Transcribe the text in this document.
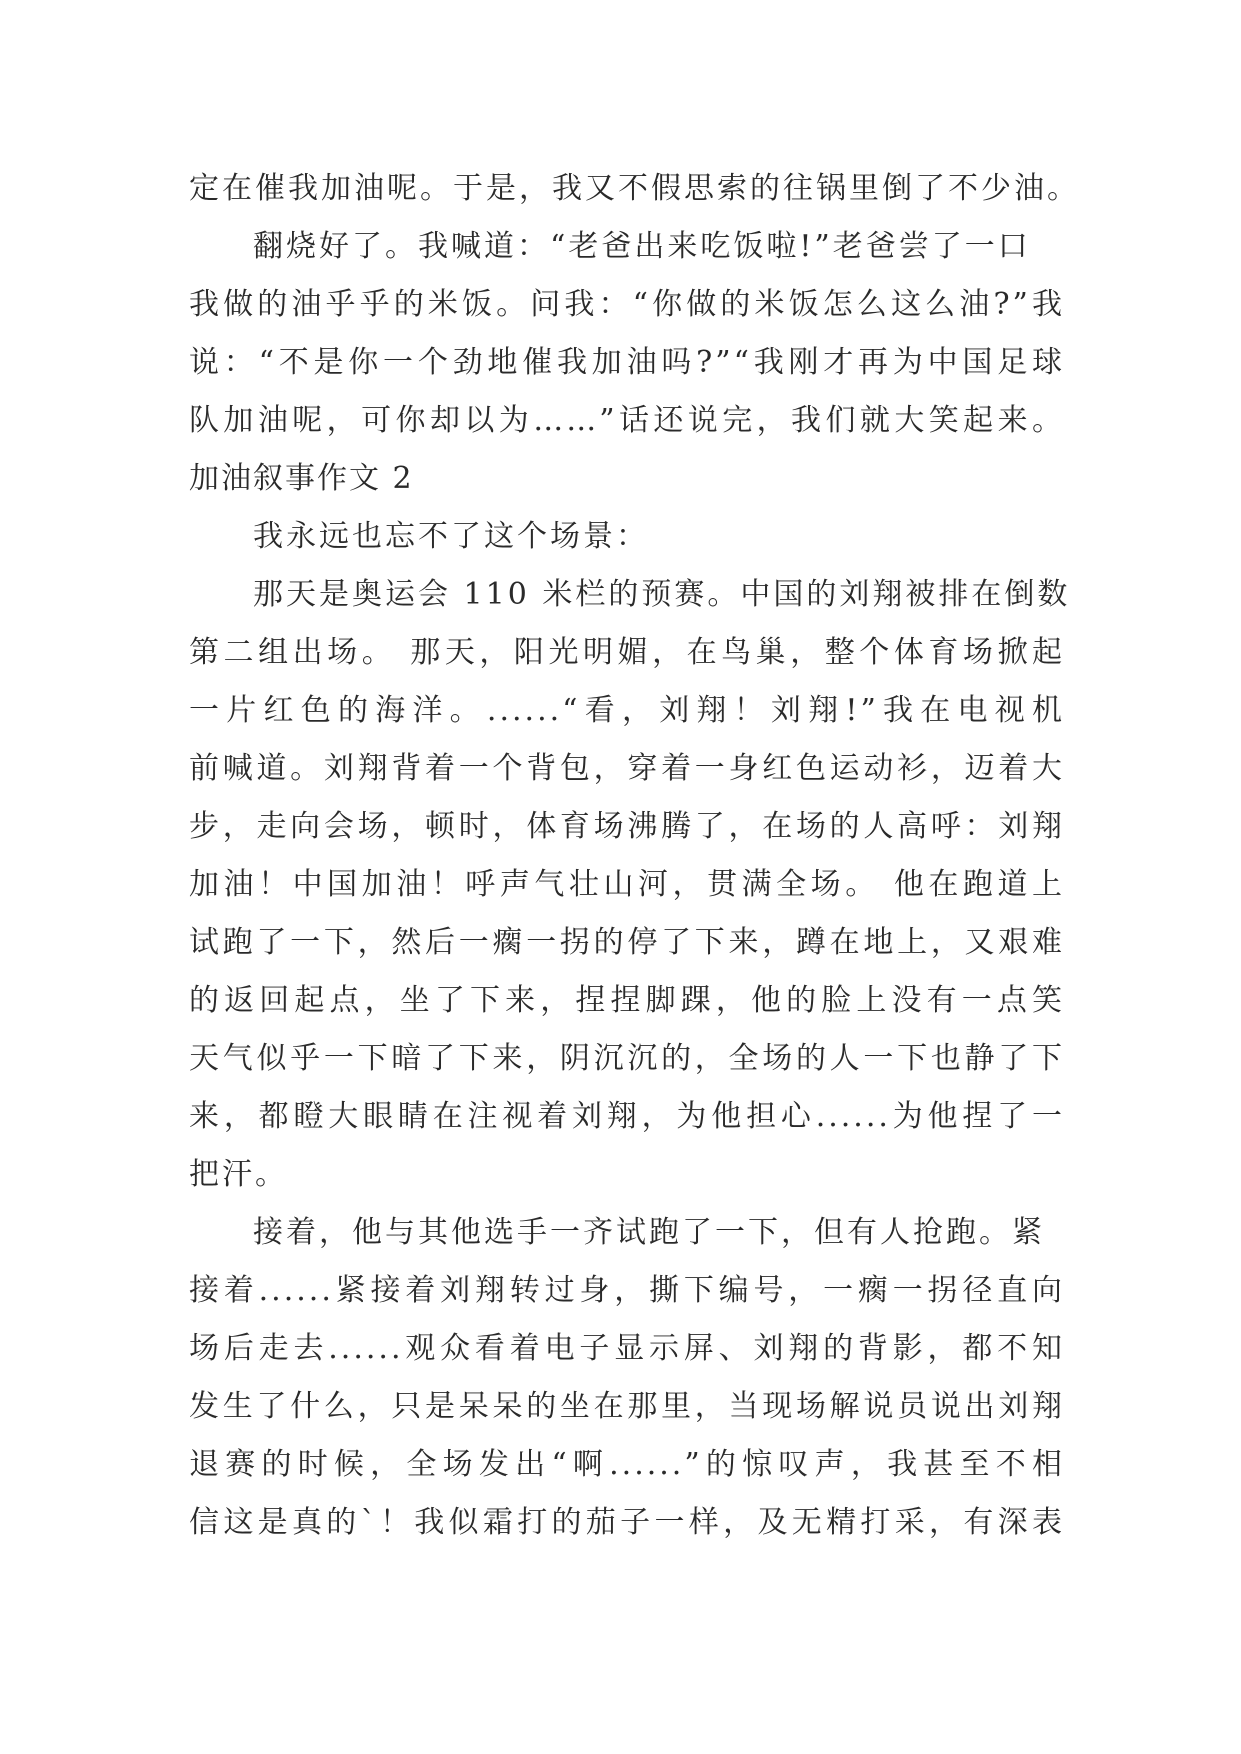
定在催我加油呢。于是，我又不假思索的往锅里倒了不少油。
翻烧好了。我喊道：“老爸出来吃饭啦!”老爸尝了一口
我做的油乎乎的米饭。问我：“你做的米饭怎么这么油?”我
说：“不是你一个劲地催我加油吗?”“我刚才再为中国足球
队加油呢，可你却以为……”话还说完，我们就大笑起来。
加油叙事作文 2
我永远也忘不了这个场景：
那天是奥运会 110 米栏的预赛。中国的刘翔被排在倒数
第二组出场。 那天，阳光明媚，在鸟巢，整个体育场掀起
一片红色的海洋。......“看，刘翔！刘翔!”我在电视机
前喊道。刘翔背着一个背包，穿着一身红色运动衫，迈着大
步，走向会场，顿时，体育场沸腾了，在场的人高呼：刘翔
加油！中国加油！呼声气壮山河，贯满全场。 他在跑道上
试跑了一下，然后一瘸一拐的停了下来，蹲在地上，又艰难
的返回起点，坐了下来，捏捏脚踝，他的脸上没有一点笑
天气似乎一下暗了下来，阴沉沉的，全场的人一下也静了下
来，都瞪大眼睛在注视着刘翔，为他担心......为他捏了一
把汗。
接着，他与其他选手一齐试跑了一下，但有人抢跑。紧
接着......紧接着刘翔转过身，撕下编号，一瘸一拐径直向
场后走去......观众看着电子显示屏、刘翔的背影，都不知
发生了什么，只是呆呆的坐在那里，当现场解说员说出刘翔
退赛的时候，全场发出“啊......”的惊叹声，我甚至不相
信这是真的`！我似霜打的茄子一样，及无精打采，有深表
